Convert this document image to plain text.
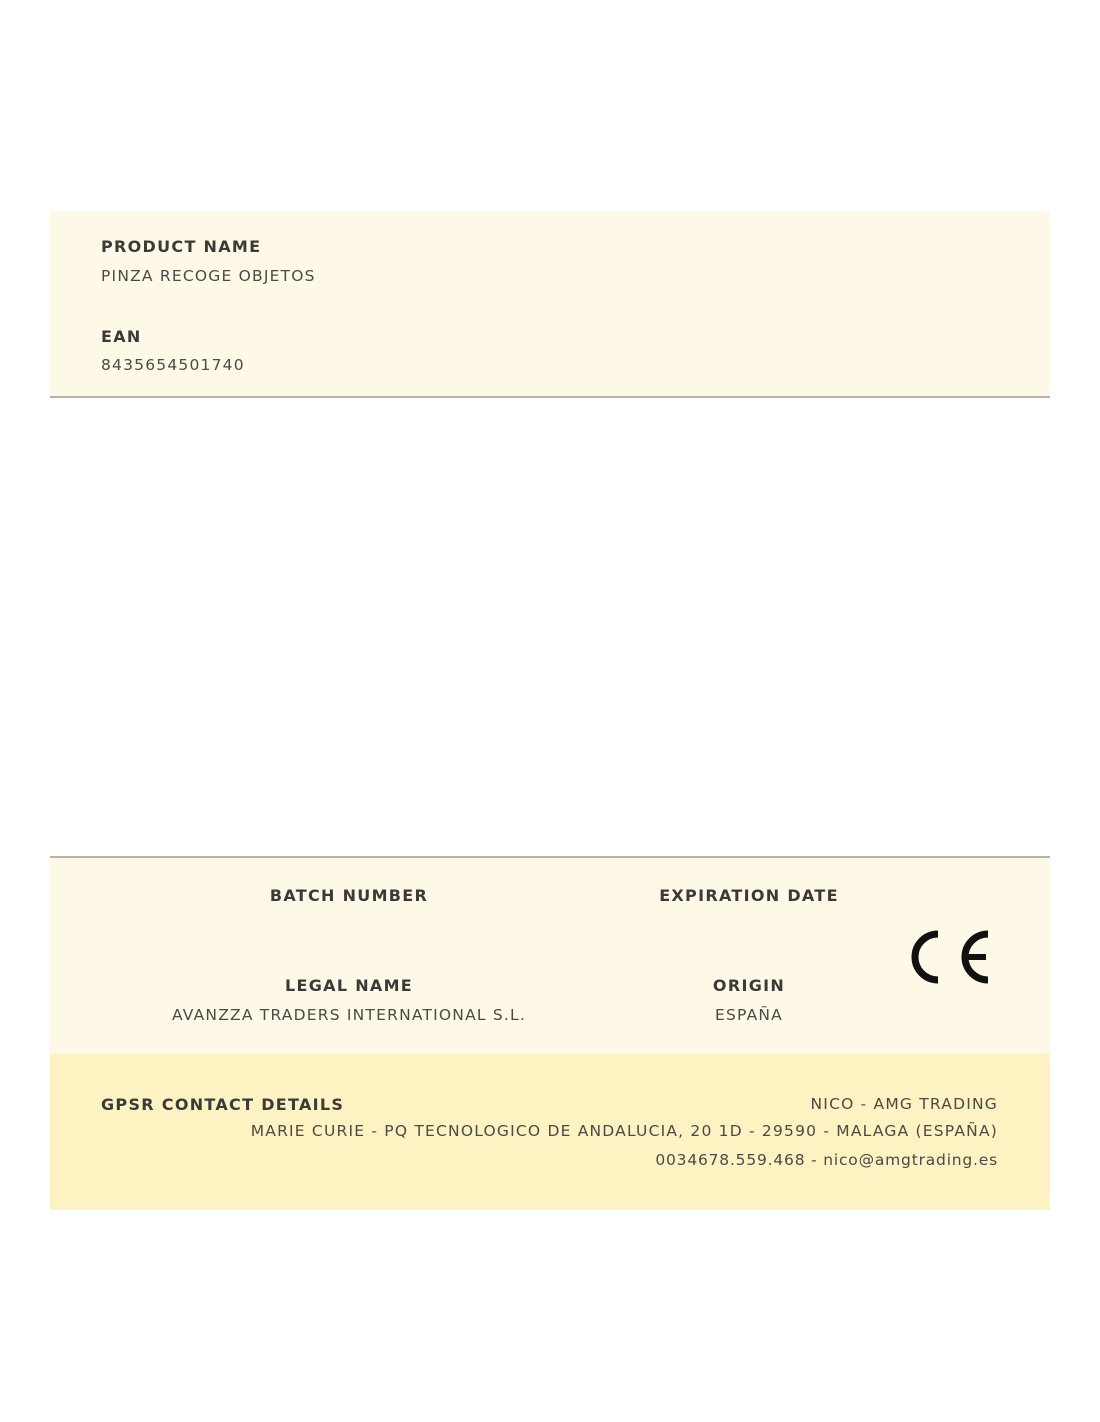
PRODUCT NAME
PINZA RECOGE OBJETOS
EAN
8435654501740
BATCH NUMBER	EXPIRATION DATE
LEGAL NAME
AVANZZA TRADERS INTERNATIONAL S.L.
ORIGIN
ESPAÑA
GPSR CONTACT DETAILS	NICO - AMG TRADING
MARIE CURIE - PQ TECNOLOGICO DE ANDALUCIA, 20 1D - 29590 - MALAGA (ESPAÑA)
0034678.559.468 - nico@amgtrading.es
